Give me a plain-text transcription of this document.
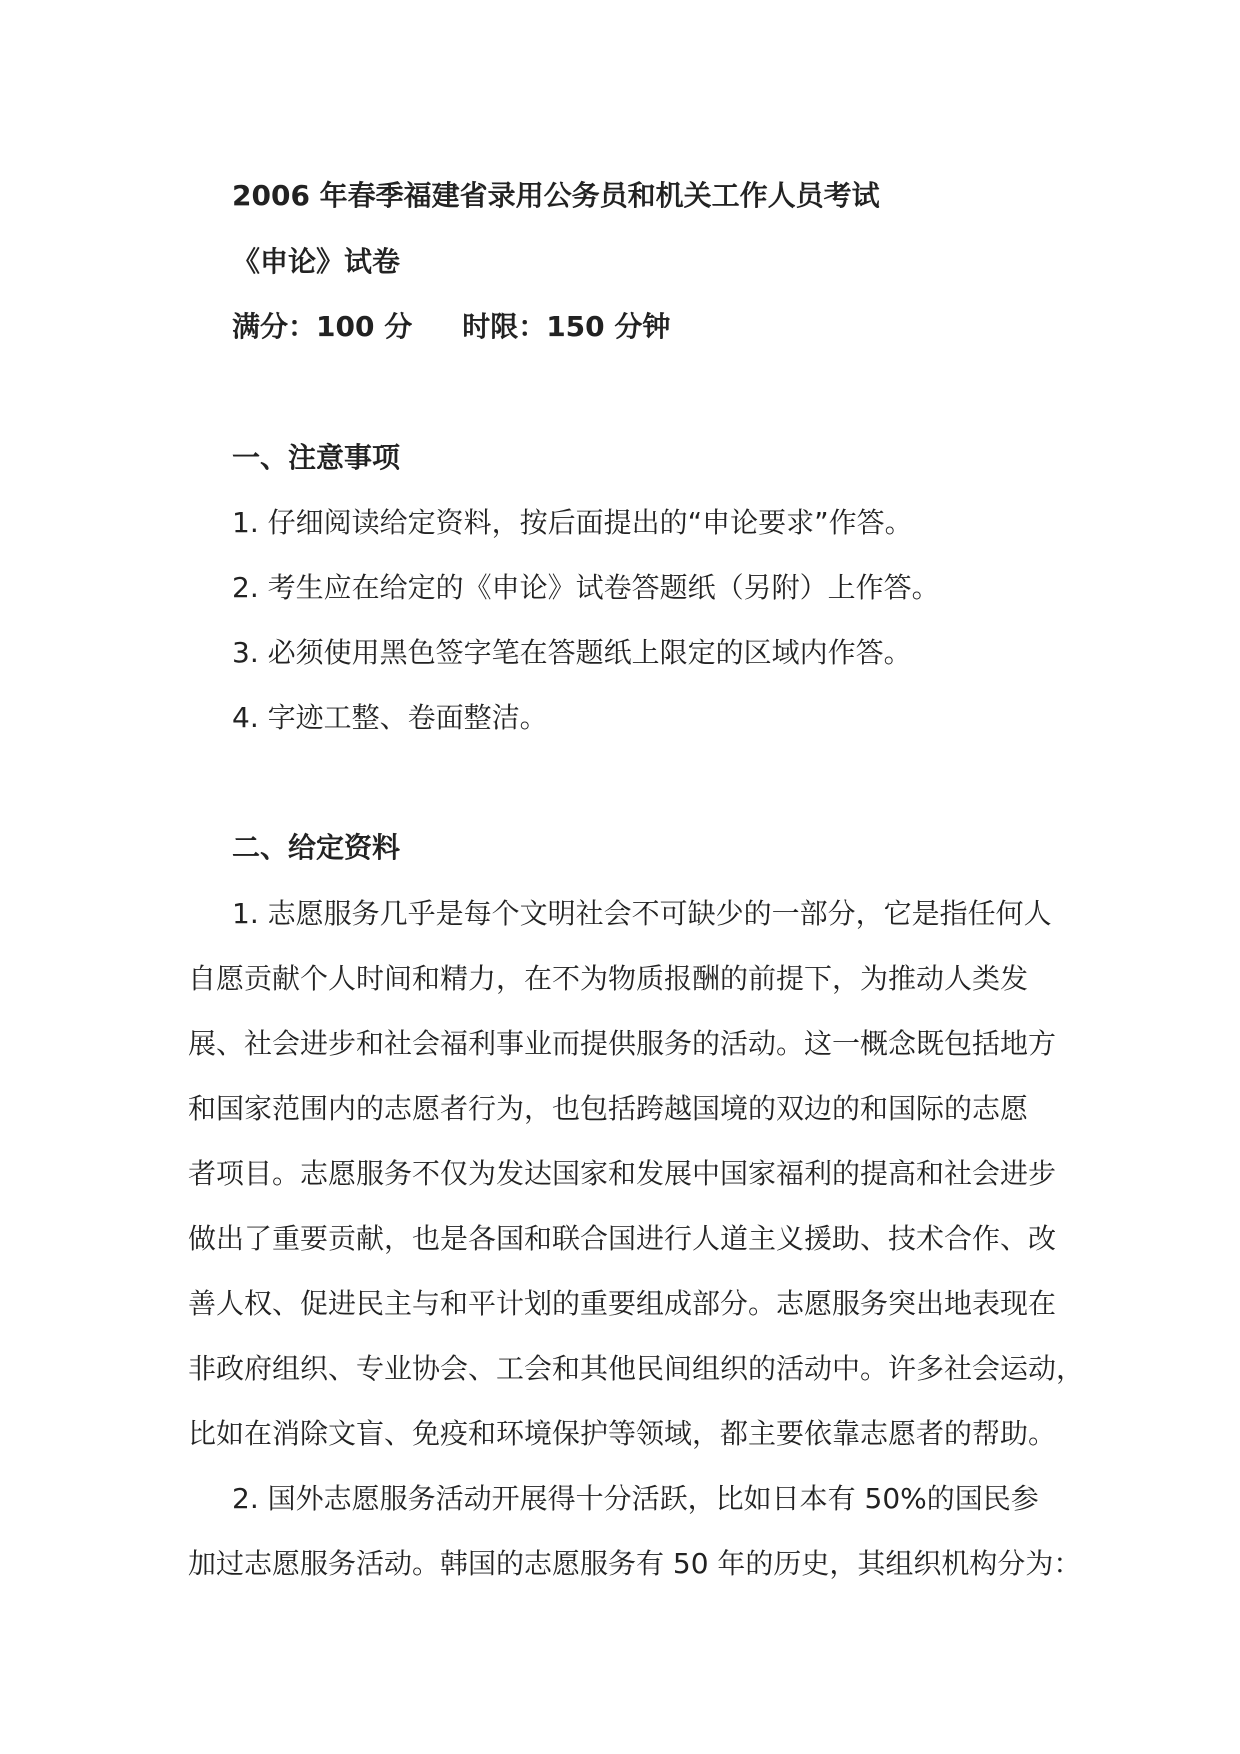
2006 年春季福建省录用公务员和机关工作人员考试
《申论》试卷
满分：100 分 时限：150 分钟
一、注意事项
1. 仔细阅读给定资料，按后面提出的“申论要求”作答。
2. 考生应在给定的《申论》试卷答题纸（另附）上作答。
3. 必须使用黑色签字笔在答题纸上限定的区域内作答。
4. 字迹工整、卷面整洁。
二、给定资料
1. 志愿服务几乎是每个文明社会不可缺少的一部分，它是指任何人
自愿贡献个人时间和精力，在不为物质报酬的前提下，为推动人类发
展、社会进步和社会福利事业而提供服务的活动。这一概念既包括地方
和国家范围内的志愿者行为，也包括跨越国境的双边的和国际的志愿
者项目。志愿服务不仅为发达国家和发展中国家福利的提高和社会进步
做出了重要贡献，也是各国和联合国进行人道主义援助、技术合作、改
善人权、促进民主与和平计划的重要组成部分。志愿服务突出地表现在
非政府组织、专业协会、工会和其他民间组织的活动中。许多社会运动，
比如在消除文盲、免疫和环境保护等领域，都主要依靠志愿者的帮助。
2. 国外志愿服务活动开展得十分活跃，比如日本有 50%的国民参
加过志愿服务活动。韩国的志愿服务有 50 年的历史，其组织机构分为：
